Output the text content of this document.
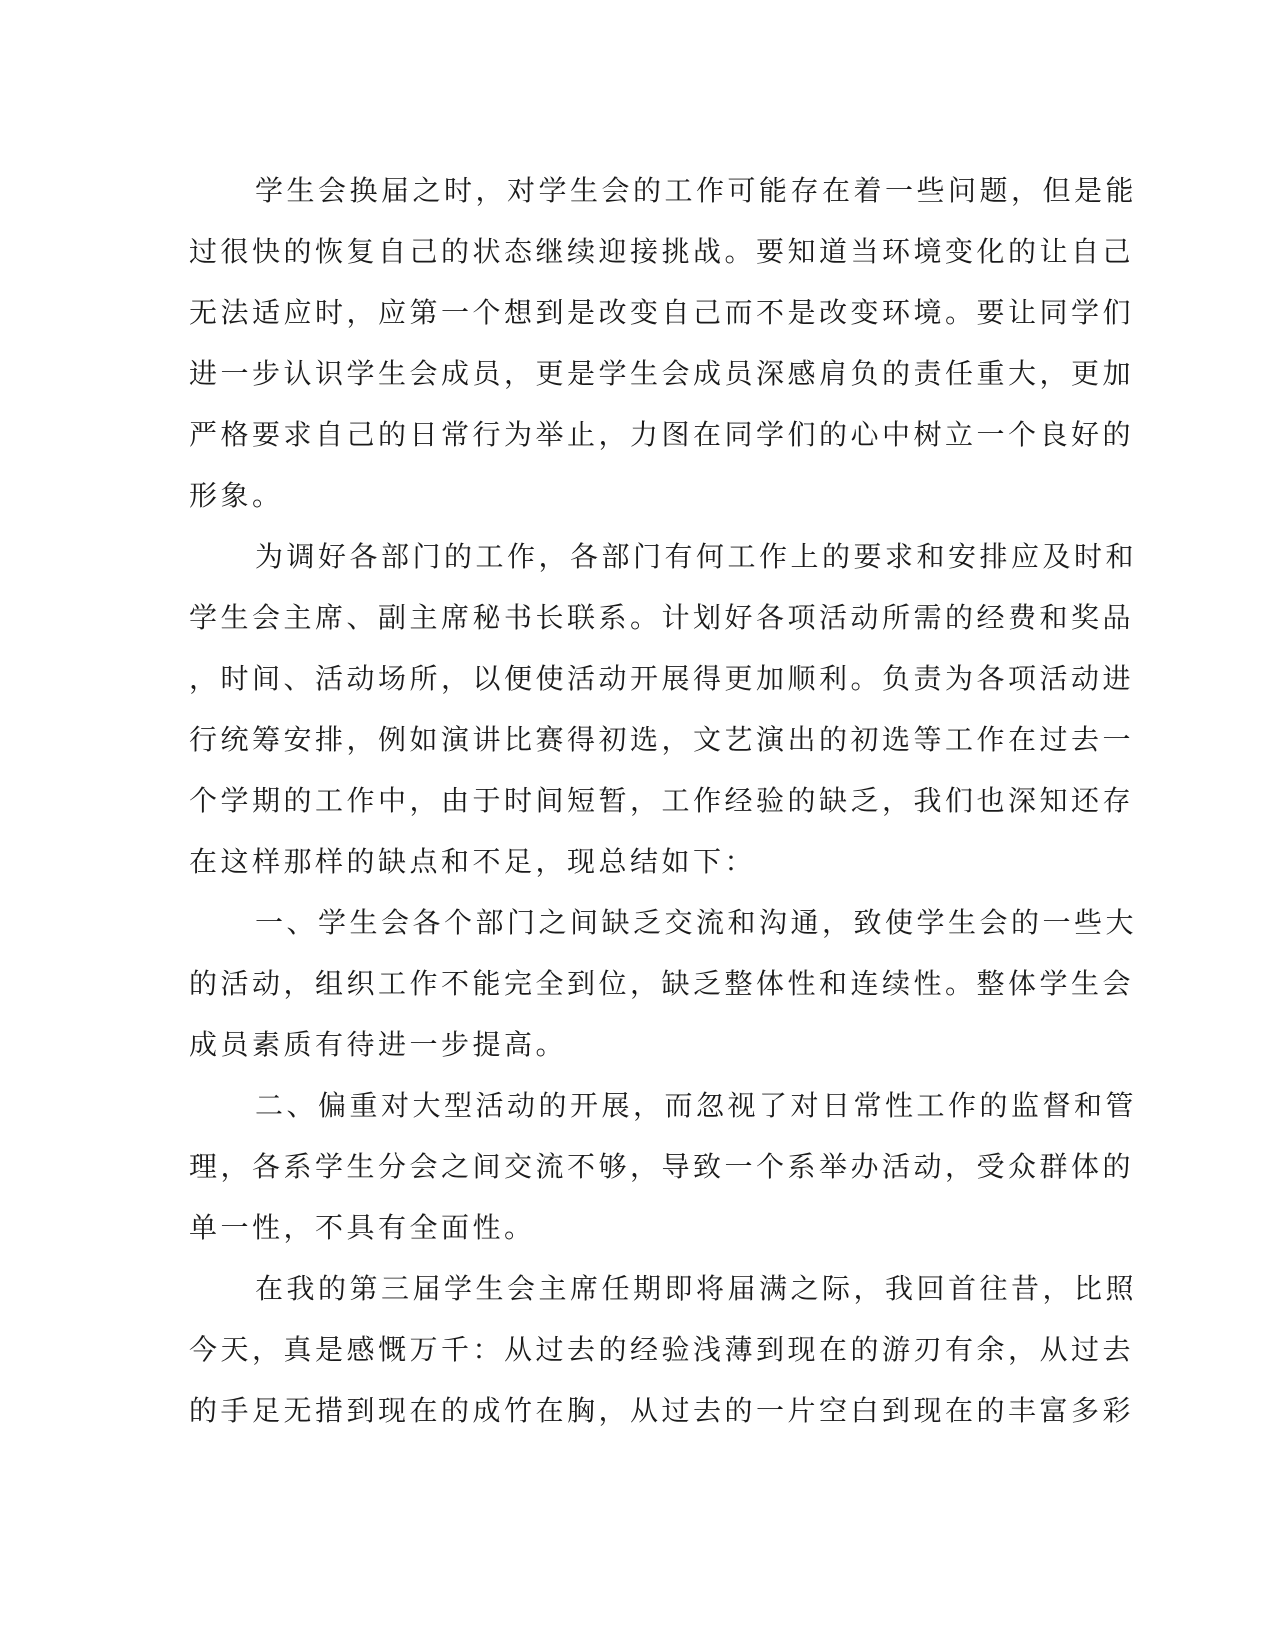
学生会换届之时，对学生会的工作可能存在着一些问题，但是能
过很快的恢复自己的状态继续迎接挑战。要知道当环境变化的让自己
无法适应时，应第一个想到是改变自己而不是改变环境。要让同学们
进一步认识学生会成员，更是学生会成员深感肩负的责任重大，更加
严格要求自己的日常行为举止，力图在同学们的心中树立一个良好的
形象。

为调好各部门的工作，各部门有何工作上的要求和安排应及时和
学生会主席、副主席秘书长联系。计划好各项活动所需的经费和奖品
，时间、活动场所，以便使活动开展得更加顺利。负责为各项活动进
行统筹安排，例如演讲比赛得初选，文艺演出的初选等工作在过去一
个学期的工作中，由于时间短暂，工作经验的缺乏，我们也深知还存
在这样那样的缺点和不足，现总结如下：

一、学生会各个部门之间缺乏交流和沟通，致使学生会的一些大
的活动，组织工作不能完全到位，缺乏整体性和连续性。整体学生会
成员素质有待进一步提高。

二、偏重对大型活动的开展，而忽视了对日常性工作的监督和管
理，各系学生分会之间交流不够，导致一个系举办活动，受众群体的
单一性，不具有全面性。

在我的第三届学生会主席任期即将届满之际，我回首往昔，比照
今天，真是感慨万千：从过去的经验浅薄到现在的游刃有余，从过去
的手足无措到现在的成竹在胸，从过去的一片空白到现在的丰富多彩
